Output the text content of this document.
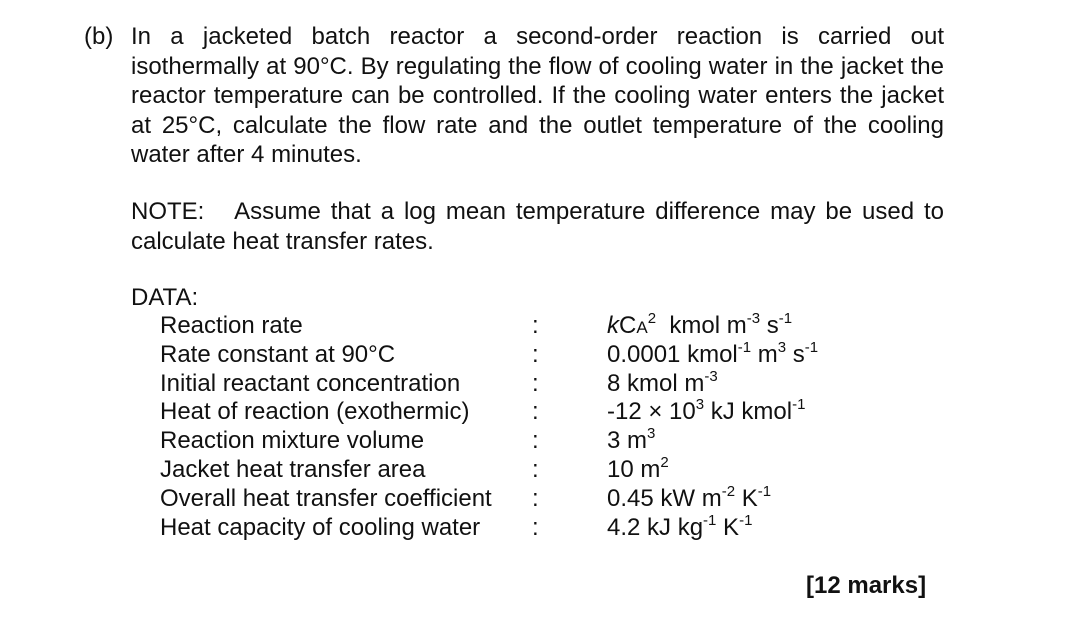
(b) In a jacketed batch reactor a second-order reaction is carried out isothermally at 90°C. By regulating the flow of cooling water in the jacket the reactor temperature can be controlled. If the cooling water enters the jacket at 25°C, calculate the flow rate and the outlet temperature of the cooling water after 4 minutes.

NOTE: Assume that a log mean temperature difference may be used to calculate heat transfer rates.

DATA:
Reaction rate	:	kCA$^2$  kmol $m^{-3}$ $s^{-1}$
Rate constant at 90°C	:	0.0001 kmol$^{-1}$ $m^3$ $s^{-1}$
Initial reactant concentration	:	8 kmol $m^{-3}$
Heat of reaction (exothermic)	:	$-12 \times 10^3$ kJ kmol$^{-1}$
Reaction mixture volume	:	3 $m^3$
Jacket heat transfer area	:	10 $m^2$
Overall heat transfer coefficient :	0.45 kW $m^{-2}$ $K^{-1}$
Heat capacity of cooling water :	4.2 kJ $kg^{-1}$ $K^{-1}$
[12 marks]
